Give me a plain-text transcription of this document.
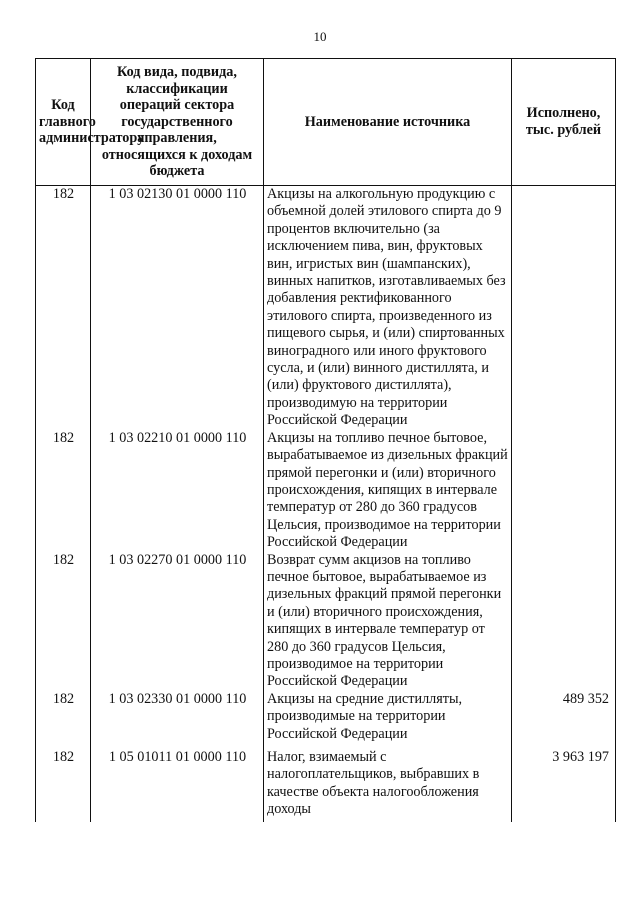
10
Код главного администратора	Код вида, подвида, классификации операций сектора государственного управления, относящихся к доходам бюджета	Наименование источника	Исполнено, тыс. рублей
182	1 03 02130 01 0000 110	Акцизы на алкогольную продукцию с объемной долей этилового спирта до 9 процентов включительно (за исключением пива, вин, фруктовых вин, игристых вин (шампанских), винных напитков, изготавливаемых без добавления ректификованного этилового спирта, произведенного из пищевого сырья, и (или) спиртованных виноградного или иного фруктового сусла, и (или) винного дистиллята, и (или) фруктового дистиллята), производимую на территории Российской Федерации	
182	1 03 02210 01 0000 110	Акцизы на топливо печное бытовое, вырабатываемое из дизельных фракций прямой перегонки и (или) вторичного происхождения, кипящих в интервале температур от 280 до 360 градусов Цельсия, производимое на территории Российской Федерации	
182	1 03 02270 01 0000 110	Возврат сумм акцизов на топливо печное бытовое, вырабатываемое из дизельных фракций прямой перегонки и (или) вторичного происхождения, кипящих в интервале температур от 280 до 360 градусов Цельсия, производимое на территории Российской Федерации	
182	1 03 02330 01 0000 110	Акцизы на средние дистилляты, производимые на территории Российской Федерации	489 352
182	1 05 01011 01 0000 110	Налог, взимаемый с налогоплательщиков, выбравших в качестве объекта налогообложения доходы	3 963 197
